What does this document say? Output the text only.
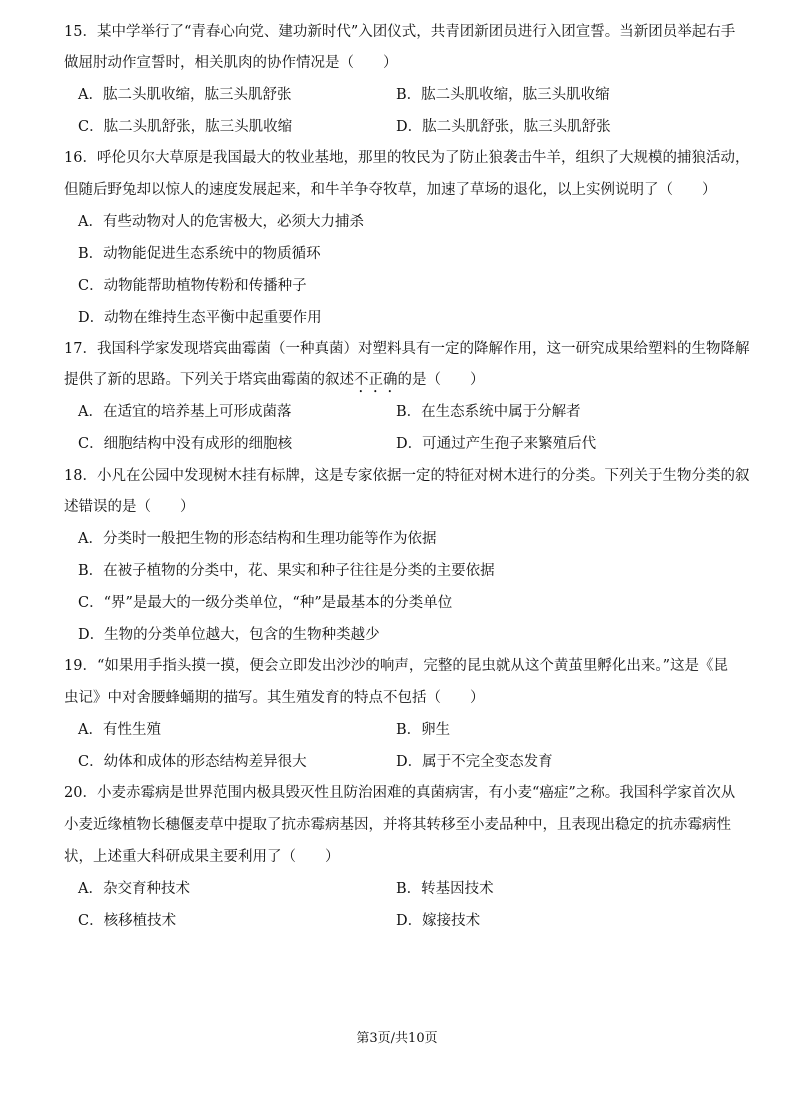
15．某中学举行了“青春心向党、建功新时代”入团仪式，共青团新团员进行入团宣誓。当新团员举起右手
做屈肘动作宣誓时，相关肌肉的协作情况是（　　）
A．肱二头肌收缩，肱三头肌舒张	B．肱二头肌收缩，肱三头肌收缩
C．肱二头肌舒张，肱三头肌收缩	D．肱二头肌舒张，肱三头肌舒张
16．呼伦贝尔大草原是我国最大的牧业基地，那里的牧民为了防止狼袭击牛羊，组织了大规模的捕狼活动，
但随后野兔却以惊人的速度发展起来，和牛羊争夺牧草，加速了草场的退化，以上实例说明了（　　）
A．有些动物对人的危害极大，必须大力捕杀
B．动物能促进生态系统中的物质循环
C．动物能帮助植物传粉和传播种子
D．动物在维持生态平衡中起重要作用
17．我国科学家发现塔宾曲霉菌（一种真菌）对塑料具有一定的降解作用，这一研究成果给塑料的生物降解
提供了新的思路。下列关于塔宾曲霉菌的叙述不正确的是（　　）
A．在适宜的培养基上可形成菌落	B．在生态系统中属于分解者
C．细胞结构中没有成形的细胞核	D．可通过产生孢子来繁殖后代
18．小凡在公园中发现树木挂有标牌，这是专家依据一定的特征对树木进行的分类。下列关于生物分类的叙
述错误的是（　　）
A．分类时一般把生物的形态结构和生理功能等作为依据
B．在被子植物的分类中，花、果实和种子往往是分类的主要依据
C．“界”是最大的一级分类单位，“种”是最基本的分类单位
D．生物的分类单位越大，包含的生物种类越少
19．“如果用手指头摸一摸，便会立即发出沙沙的响声，完整的昆虫就从这个黄茧里孵化出来。”这是《昆
虫记》中对舍腰蜂蛹期的描写。其生殖发育的特点不包括（　　）
A．有性生殖	B．卵生
C．幼体和成体的形态结构差异很大	D．属于不完全变态发育
20．小麦赤霉病是世界范围内极具毁灭性且防治困难的真菌病害，有小麦“癌症”之称。我国科学家首次从
小麦近缘植物长穗偃麦草中提取了抗赤霉病基因，并将其转移至小麦品种中，且表现出稳定的抗赤霉病性
状，上述重大科研成果主要利用了（　　）
A．杂交育种技术	B．转基因技术
C．核移植技术	D．嫁接技术
第3页/共10页
